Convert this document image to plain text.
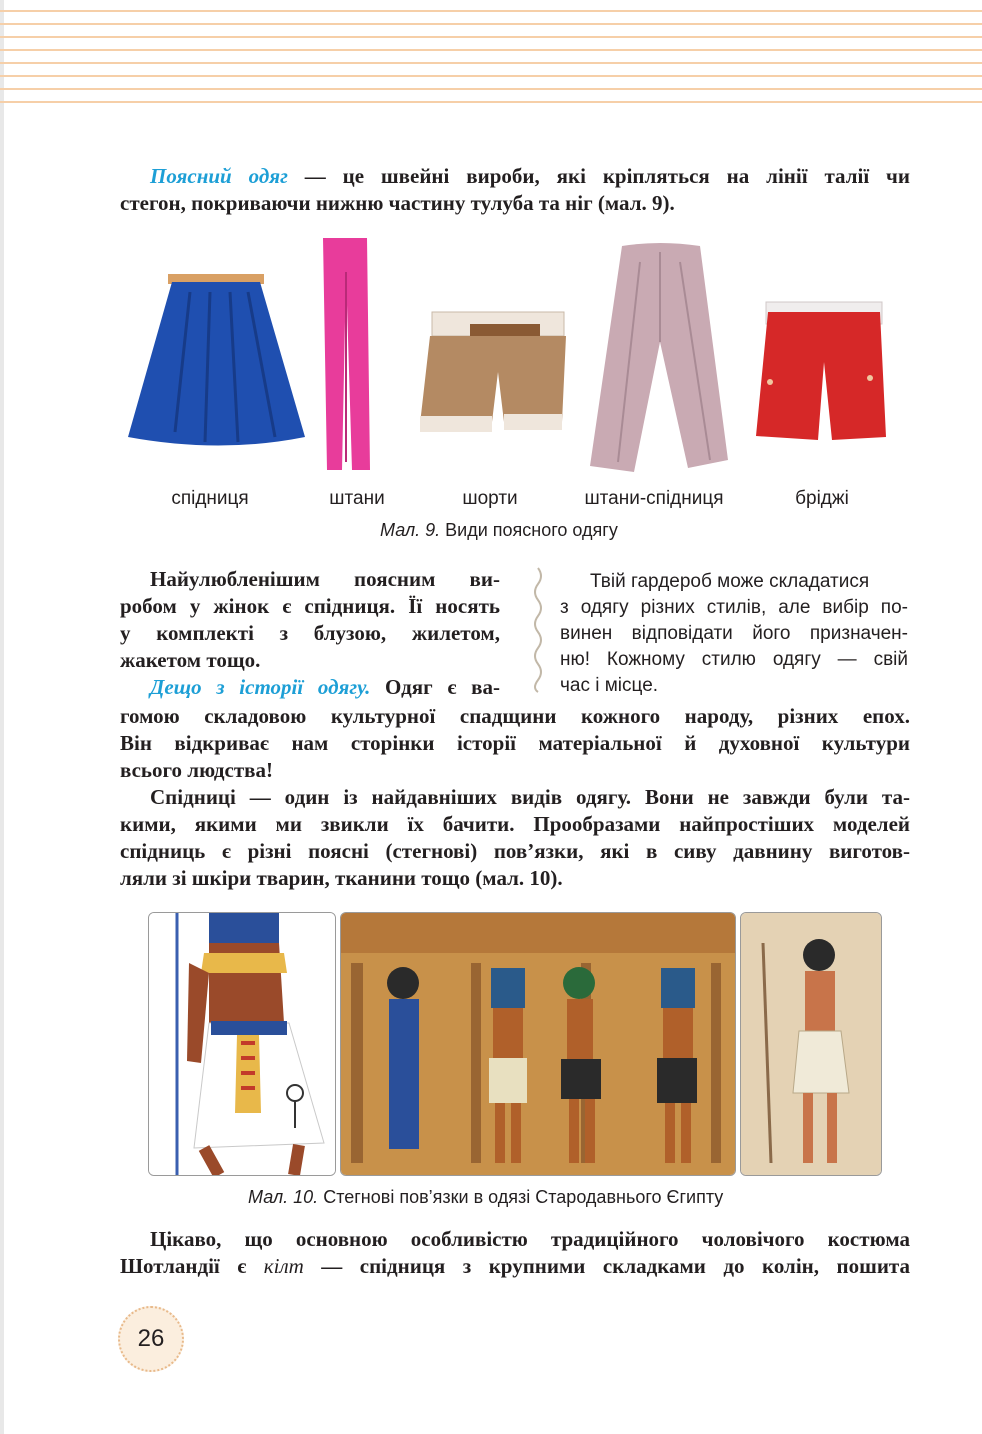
Поясний одяг — це швейні вироби, які кріпляться на лінії талії чи
стегон, покриваючи нижню частину тулуба та ніг (мал. 9).
спідниця	штани	шорти	штани-спідниця	бріджі
Мал. 9. Види поясного одягу
Найулюбленішим поясним ви-
робом у жінок є спідниця. Її носять
у комплекті з блузою, жилетом,
жакетом тощо.
Дещо з історії одягу. Одяг є ва-
Твій гардероб може складатися
з одягу різних стилів, але вибір по-
винен відповідати його призначен-
ню! Кожному стилю одягу — свій
час і місце.
гомою складовою культурної спадщини кожного народу, різних епох.
Він відкриває нам сторінки історії матеріальної й духовної культури
всього людства!
Спідниці — один із найдавніших видів одягу. Вони не завжди були та-
кими, якими ми звикли їх бачити. Прообразами найпростіших моделей
спідниць є різні поясні (стегнові) пов’язки, які в сиву давнину виготов-
ляли зі шкіри тварин, тканини тощо (мал. 10).
Мал. 10. Стегнові пов’язки в одязі Стародавнього Єгипту
Цікаво, що основною особливістю традиційного чоловічого костюма
Шотландії є кілт — спідниця з крупними складками до колін, пошита
26
